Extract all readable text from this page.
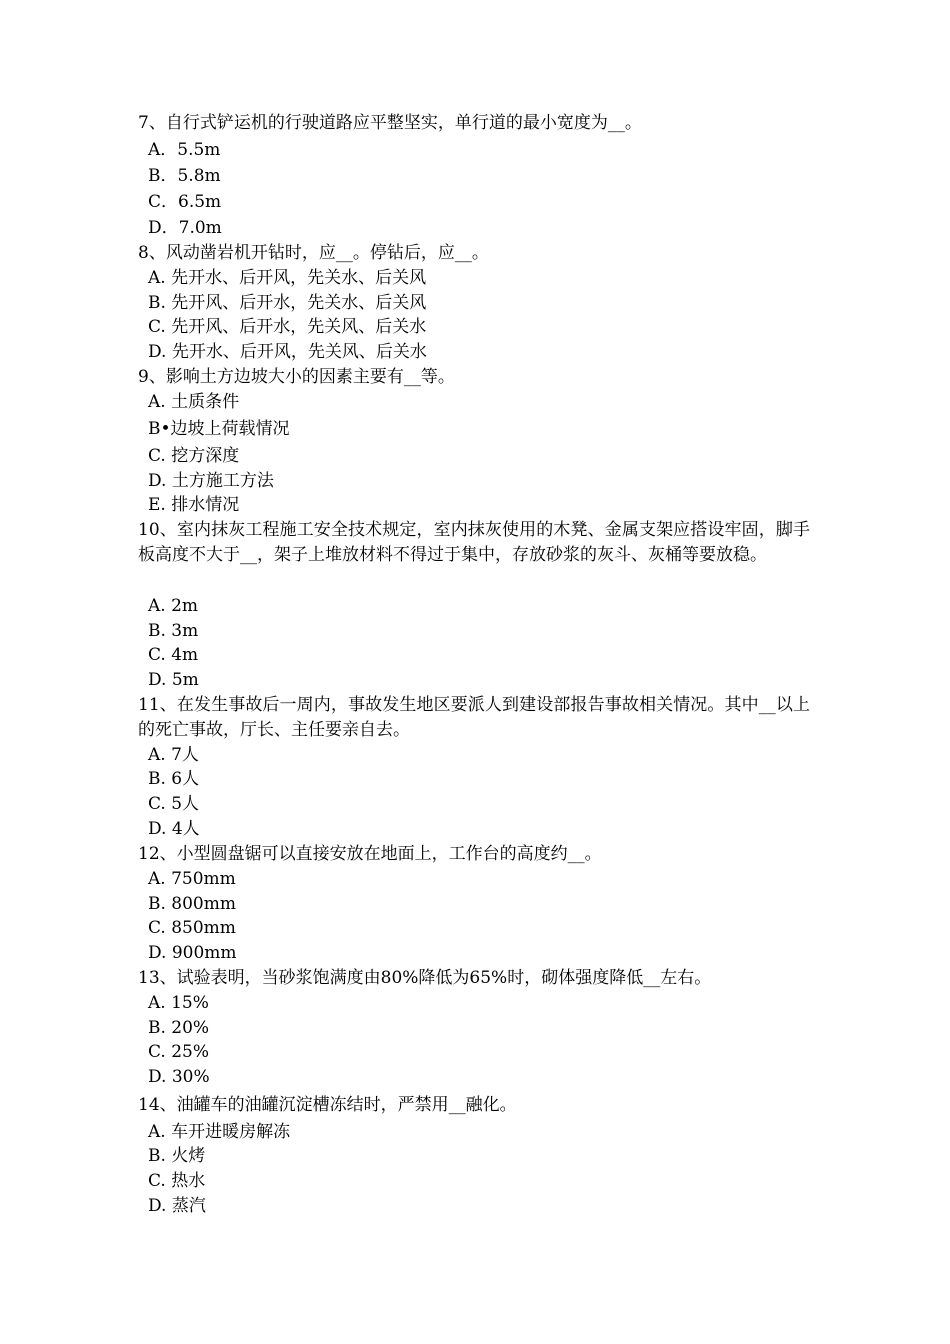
7、自行式铲运机的行驶道路应平整坚实，单行道的最小宽度为__。
A．5.5m
B．5.8m
C．6.5m
D．7.0m
8、风动凿岩机开钻时，应__。停钻后，应__。
A. 先开水、后开风，先关水、后关风
B. 先开风、后开水，先关水、后关风
C. 先开风、后开水，先关风、后关水
D. 先开水、后开风，先关风、后关水
9、影响土方边坡大小的因素主要有__等。
A. 土质条件
B•边坡上荷载情况
C. 挖方深度
D. 土方施工方法
E. 排水情况
10、室内抹灰工程施工安全技术规定，室内抹灰使用的木凳、金属支架应搭设牢固，脚手板高度不大于__，架子上堆放材料不得过于集中，存放砂浆的灰斗、灰桶等要放稳。
A. 2m
B. 3m
C. 4m
D. 5m
11、在发生事故后一周内，事故发生地区要派人到建设部报告事故相关情况。其中__以上的死亡事故，厅长、主任要亲自去。
A. 7人
B. 6人
C. 5人
D. 4人
12、小型圆盘锯可以直接安放在地面上，工作台的高度约__。
A. 750mm
B. 800mm
C. 850mm
D. 900mm
13、试验表明，当砂浆饱满度由80%降低为65%时，砌体强度降低__左右。
A. 15%
B. 20%
C. 25%
D. 30%
14、油罐车的油罐沉淀槽冻结时，严禁用__融化。
A. 车开进暖房解冻
B. 火烤
C. 热水
D. 蒸汽
